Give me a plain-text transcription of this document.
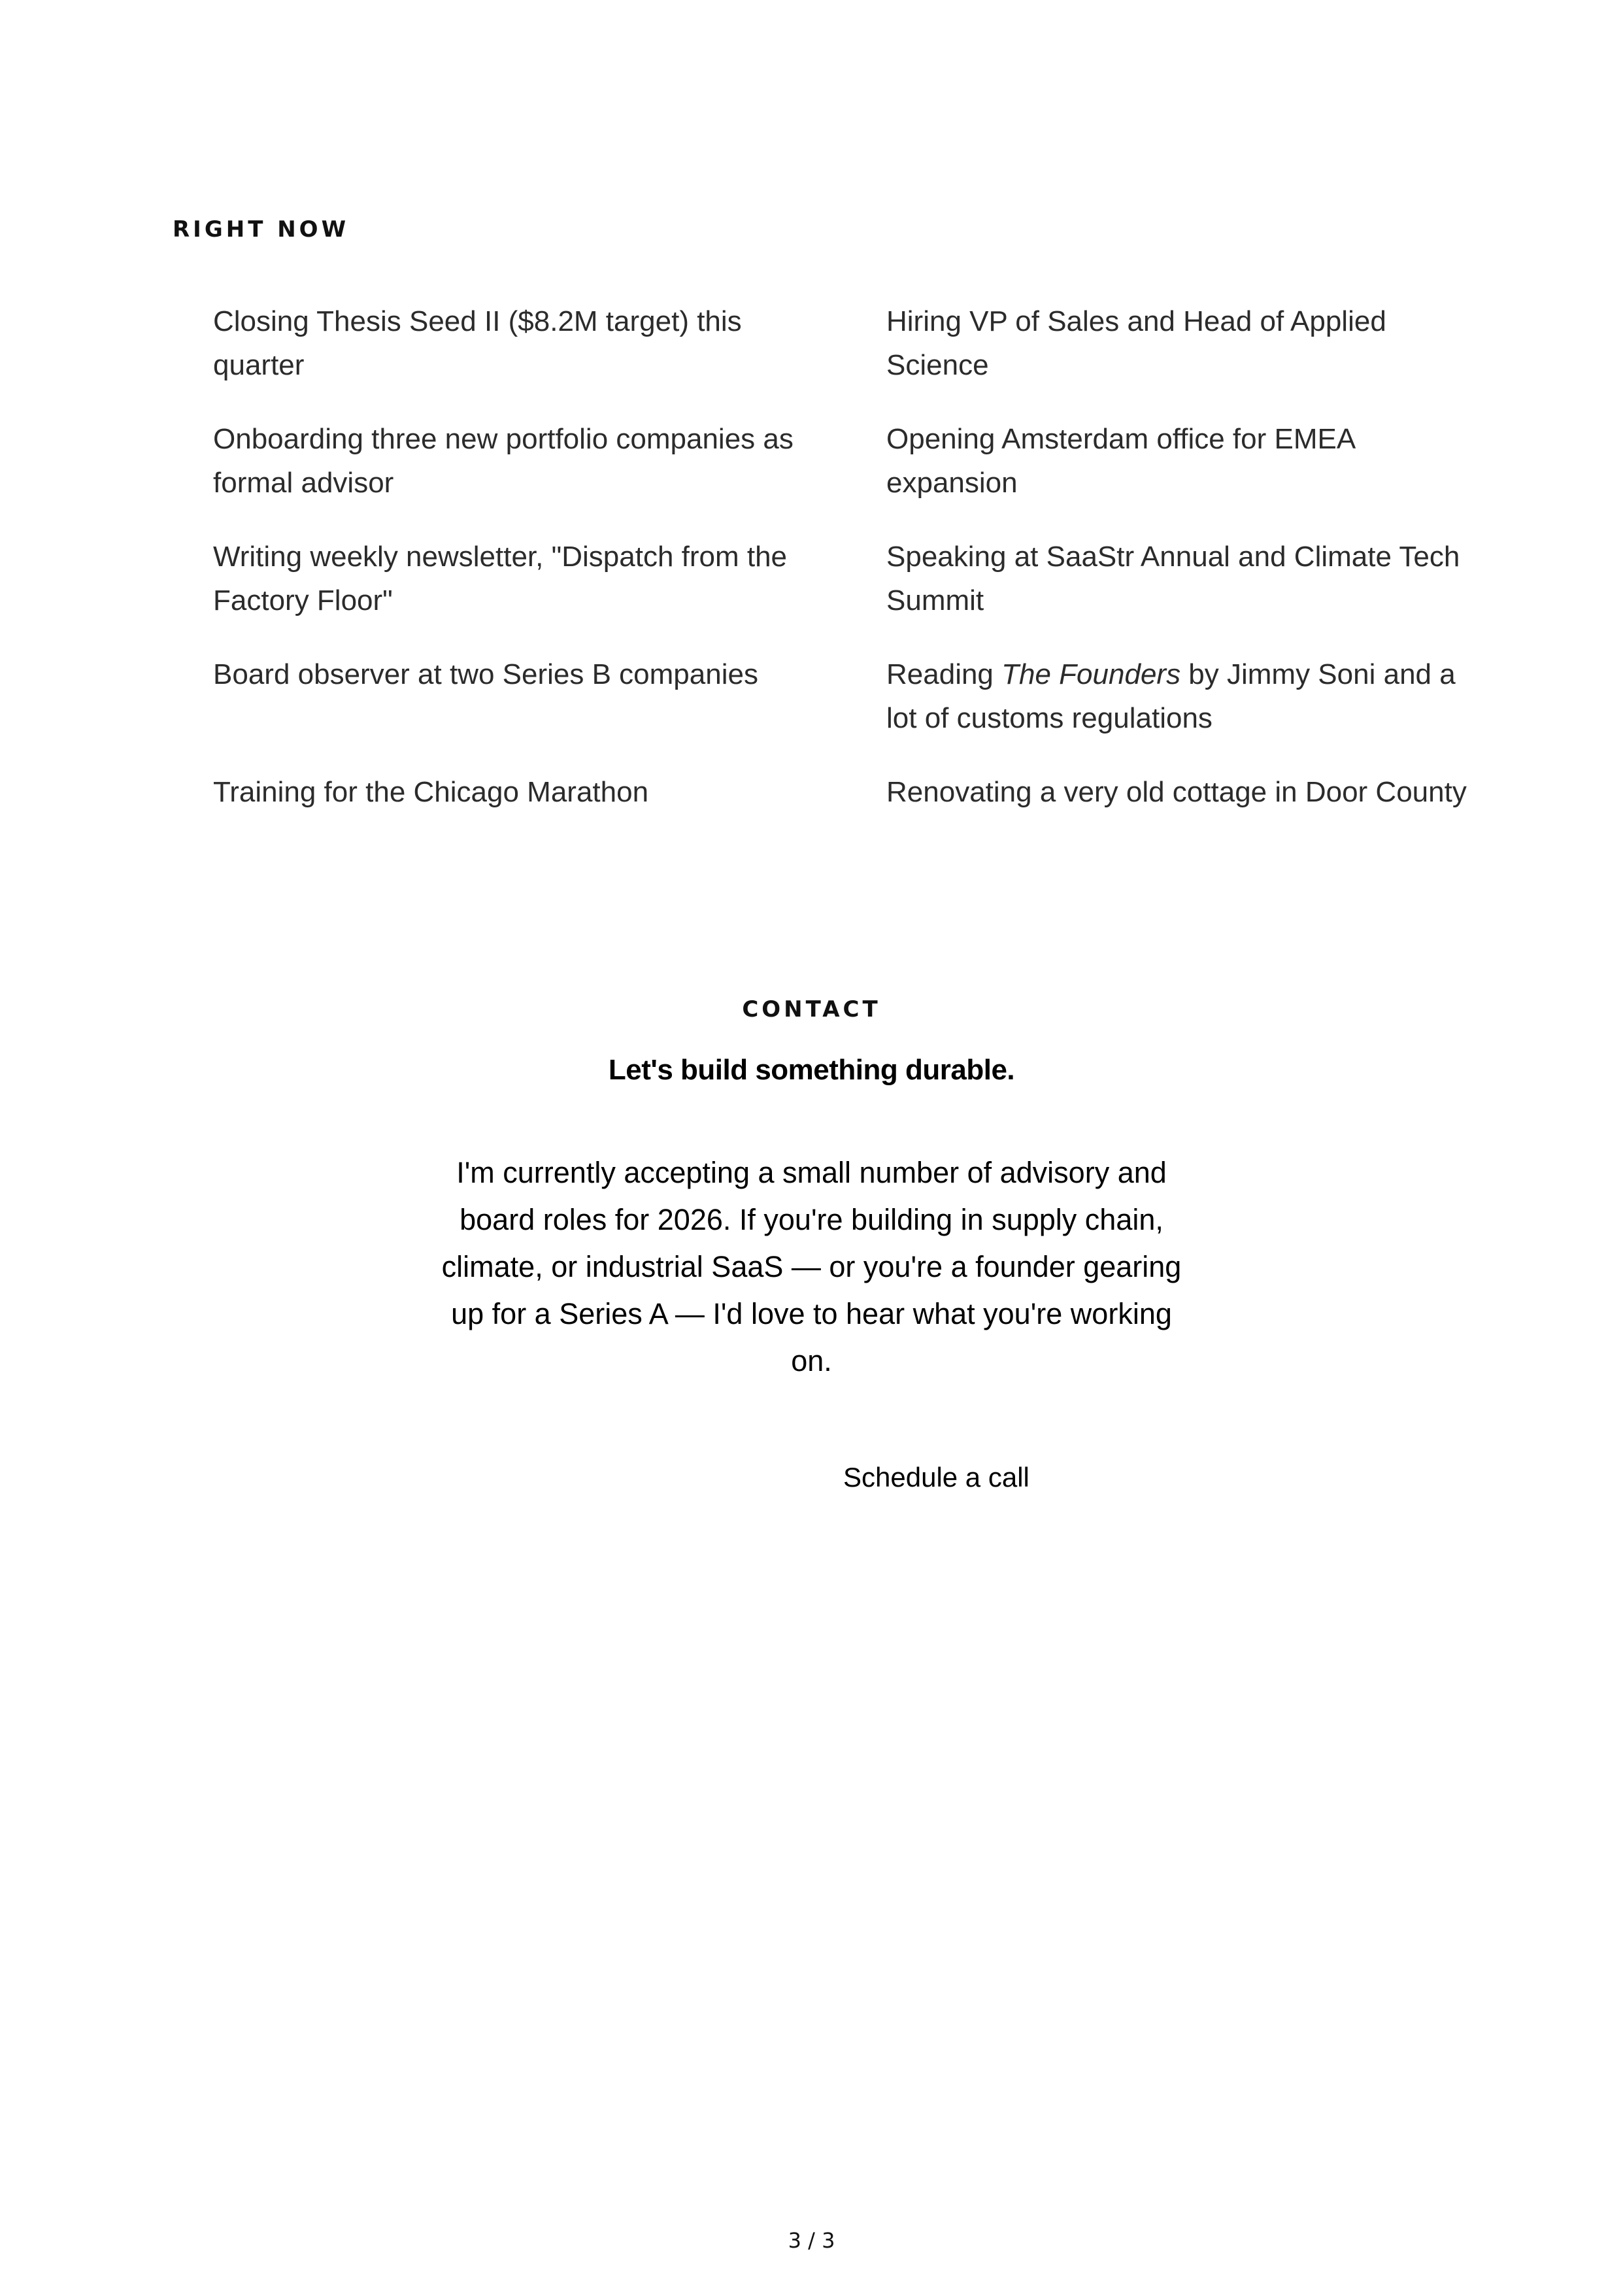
RIGHT NOW
Closing Thesis Seed II ($8.2M target) this quarter
Hiring VP of Sales and Head of Applied Science
Onboarding three new portfolio companies as formal advisor
Opening Amsterdam office for EMEA expansion
Writing weekly newsletter, "Dispatch from the Factory Floor"
Speaking at SaaStr Annual and Climate Tech Summit
Board observer at two Series B companies	Reading The Founders by Jimmy Soni and a lot of customs regulations
Training for the Chicago Marathon	Renovating a very old cottage in Door County
CONTACT
Let's build something durable.

I'm currently accepting a small number of advisory and board roles for 2026. If you're building in supply chain, climate, or industrial SaaS — or you're a founder gearing up for a Series A — I'd love to hear what you're working on.

Schedule a call
3 / 3
